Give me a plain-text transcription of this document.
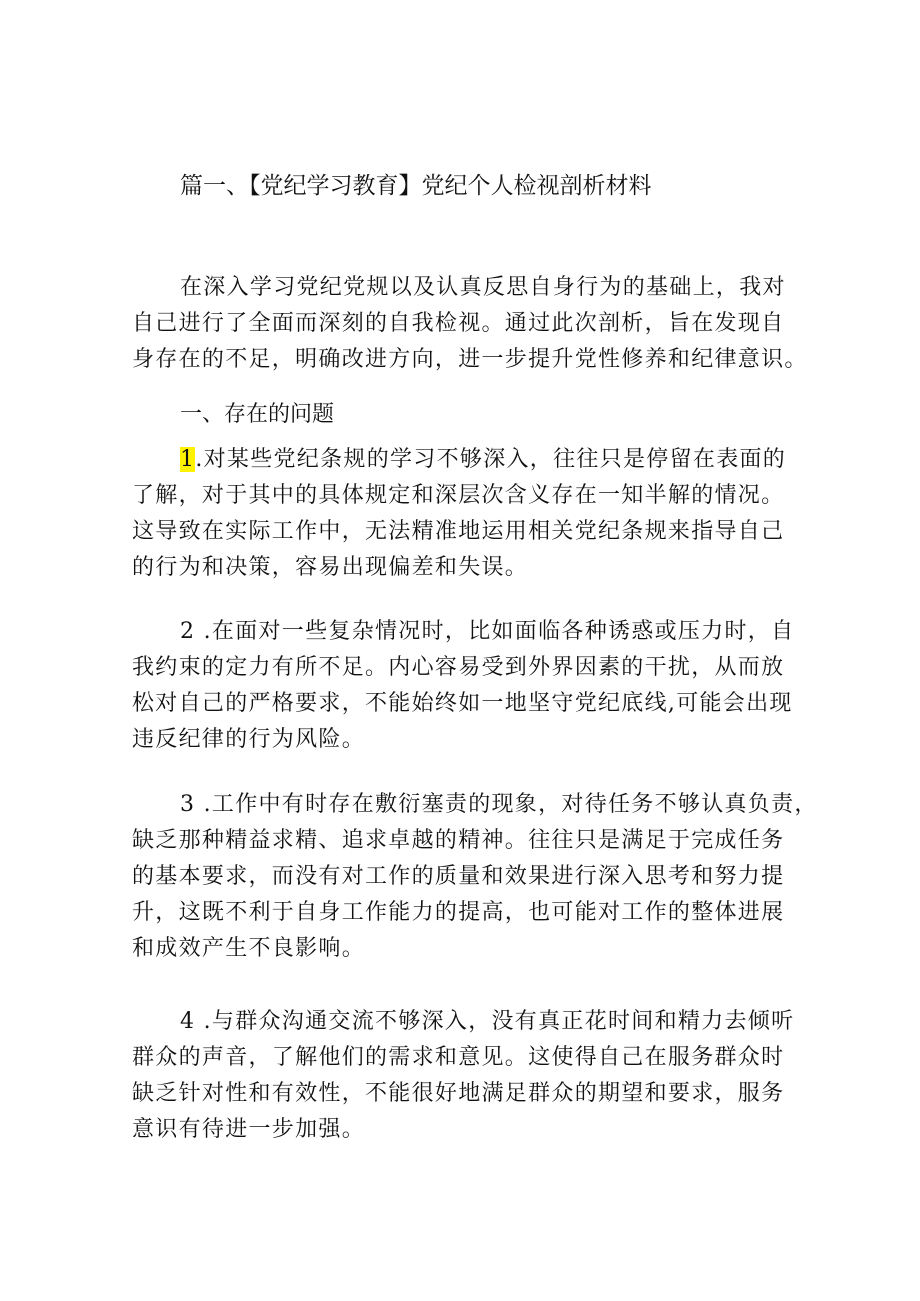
篇一、【党纪学习教育】党纪个人检视剖析材料
在深入学习党纪党规以及认真反思自身行为的基础上，我对
自己进行了全面而深刻的自我检视。通过此次剖析，旨在发现自
身存在的不足，明确改进方向，进一步提升党性修养和纪律意识。
一、存在的问题
1.对某些党纪条规的学习不够深入，往往只是停留在表面的
了解，对于其中的具体规定和深层次含义存在一知半解的情况。
这导致在实际工作中，无法精准地运用相关党纪条规来指导自己
的行为和决策，容易出现偏差和失误。
2 .在面对一些复杂情况时，比如面临各种诱惑或压力时，自
我约束的定力有所不足。内心容易受到外界因素的干扰，从而放
松对自己的严格要求，不能始终如一地坚守党纪底线,可能会出现
违反纪律的行为风险。
3 .工作中有时存在敷衍塞责的现象，对待任务不够认真负责，
缺乏那种精益求精、追求卓越的精神。往往只是满足于完成任务
的基本要求，而没有对工作的质量和效果进行深入思考和努力提
升，这既不利于自身工作能力的提高，也可能对工作的整体进展
和成效产生不良影响。
4 .与群众沟通交流不够深入，没有真正花时间和精力去倾听
群众的声音，了解他们的需求和意见。这使得自己在服务群众时
缺乏针对性和有效性，不能很好地满足群众的期望和要求，服务
意识有待进一步加强。
